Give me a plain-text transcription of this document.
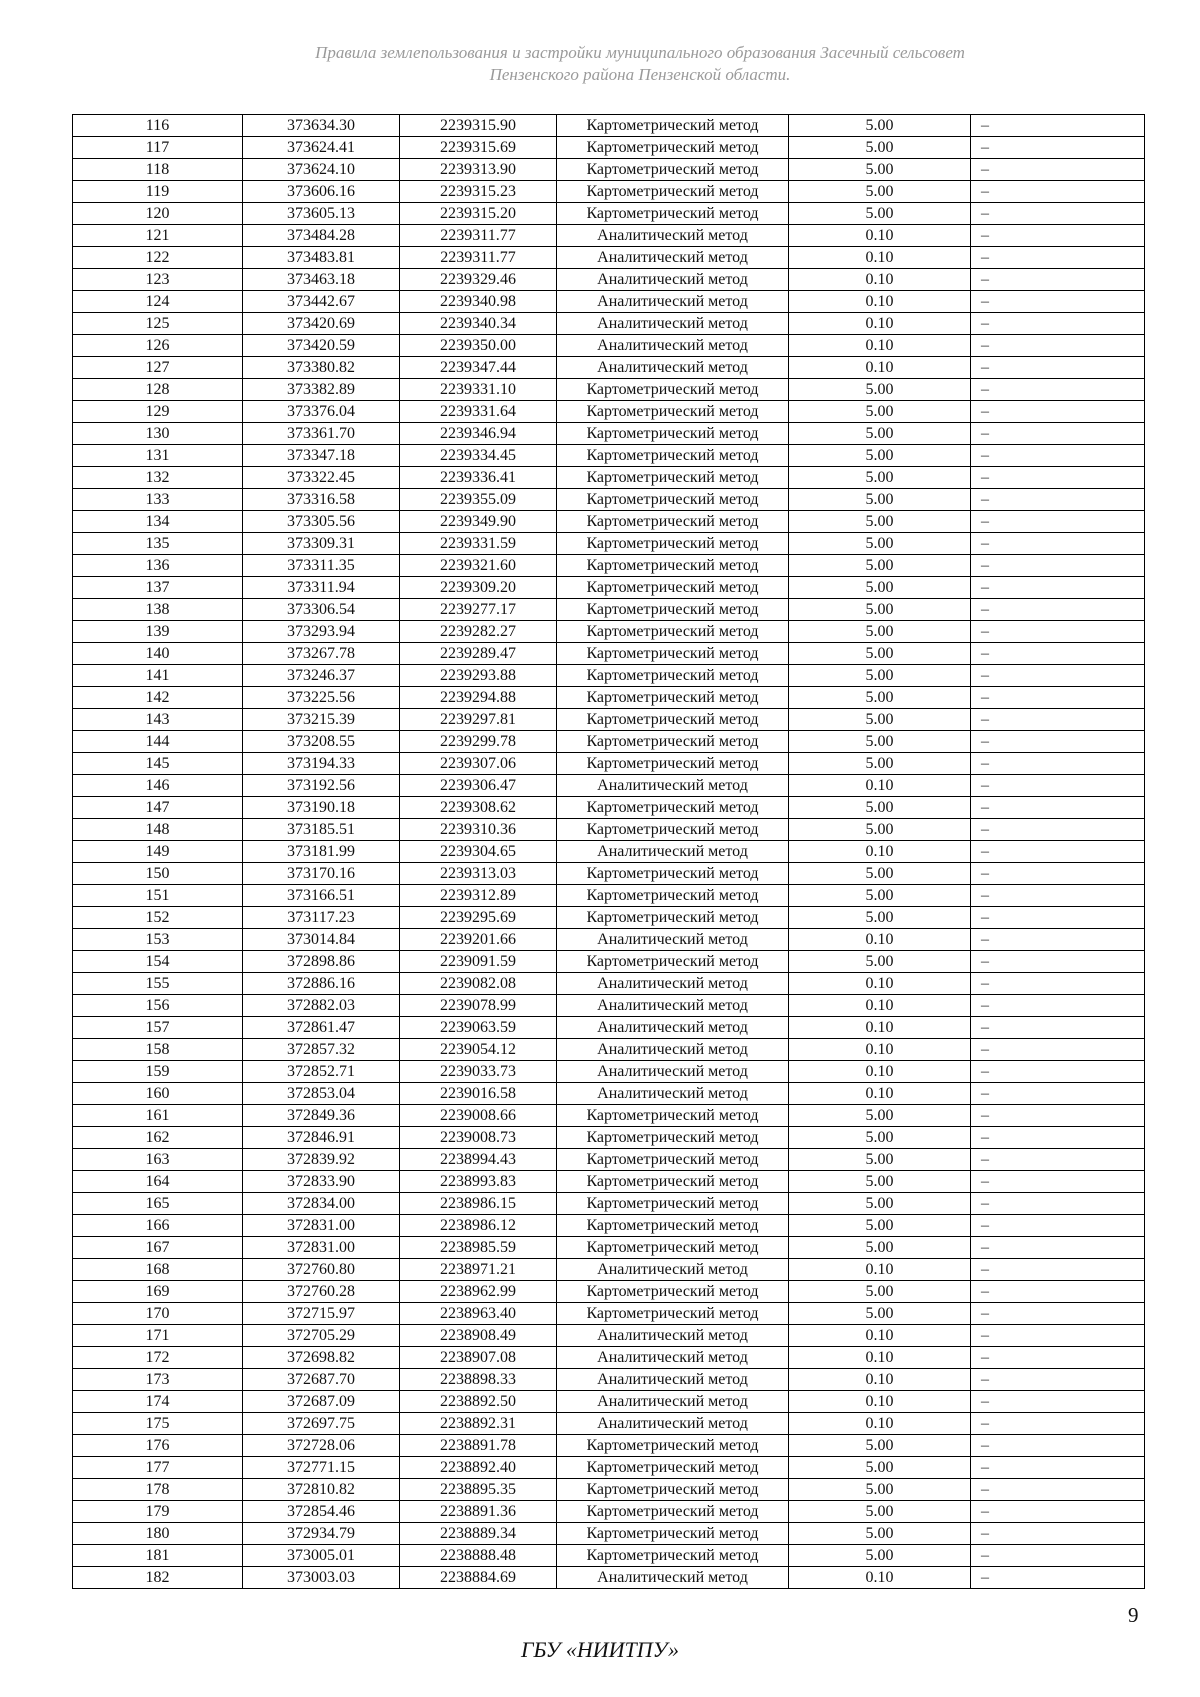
Правила землепользования и застройки муниципального образования Засечный сельсовет
Пензенского района Пензенской области.
116	373634.30	2239315.90	Картометрический метод	5.00	–
117	373624.41	2239315.69	Картометрический метод	5.00	–
118	373624.10	2239313.90	Картометрический метод	5.00	–
119	373606.16	2239315.23	Картометрический метод	5.00	–
120	373605.13	2239315.20	Картометрический метод	5.00	–
121	373484.28	2239311.77	Аналитический метод	0.10	–
122	373483.81	2239311.77	Аналитический метод	0.10	–
123	373463.18	2239329.46	Аналитический метод	0.10	–
124	373442.67	2239340.98	Аналитический метод	0.10	–
125	373420.69	2239340.34	Аналитический метод	0.10	–
126	373420.59	2239350.00	Аналитический метод	0.10	–
127	373380.82	2239347.44	Аналитический метод	0.10	–
128	373382.89	2239331.10	Картометрический метод	5.00	–
129	373376.04	2239331.64	Картометрический метод	5.00	–
130	373361.70	2239346.94	Картометрический метод	5.00	–
131	373347.18	2239334.45	Картометрический метод	5.00	–
132	373322.45	2239336.41	Картометрический метод	5.00	–
133	373316.58	2239355.09	Картометрический метод	5.00	–
134	373305.56	2239349.90	Картометрический метод	5.00	–
135	373309.31	2239331.59	Картометрический метод	5.00	–
136	373311.35	2239321.60	Картометрический метод	5.00	–
137	373311.94	2239309.20	Картометрический метод	5.00	–
138	373306.54	2239277.17	Картометрический метод	5.00	–
139	373293.94	2239282.27	Картометрический метод	5.00	–
140	373267.78	2239289.47	Картометрический метод	5.00	–
141	373246.37	2239293.88	Картометрический метод	5.00	–
142	373225.56	2239294.88	Картометрический метод	5.00	–
143	373215.39	2239297.81	Картометрический метод	5.00	–
144	373208.55	2239299.78	Картометрический метод	5.00	–
145	373194.33	2239307.06	Картометрический метод	5.00	–
146	373192.56	2239306.47	Аналитический метод	0.10	–
147	373190.18	2239308.62	Картометрический метод	5.00	–
148	373185.51	2239310.36	Картометрический метод	5.00	–
149	373181.99	2239304.65	Аналитический метод	0.10	–
150	373170.16	2239313.03	Картометрический метод	5.00	–
151	373166.51	2239312.89	Картометрический метод	5.00	–
152	373117.23	2239295.69	Картометрический метод	5.00	–
153	373014.84	2239201.66	Аналитический метод	0.10	–
154	372898.86	2239091.59	Картометрический метод	5.00	–
155	372886.16	2239082.08	Аналитический метод	0.10	–
156	372882.03	2239078.99	Аналитический метод	0.10	–
157	372861.47	2239063.59	Аналитический метод	0.10	–
158	372857.32	2239054.12	Аналитический метод	0.10	–
159	372852.71	2239033.73	Аналитический метод	0.10	–
160	372853.04	2239016.58	Аналитический метод	0.10	–
161	372849.36	2239008.66	Картометрический метод	5.00	–
162	372846.91	2239008.73	Картометрический метод	5.00	–
163	372839.92	2238994.43	Картометрический метод	5.00	–
164	372833.90	2238993.83	Картометрический метод	5.00	–
165	372834.00	2238986.15	Картометрический метод	5.00	–
166	372831.00	2238986.12	Картометрический метод	5.00	–
167	372831.00	2238985.59	Картометрический метод	5.00	–
168	372760.80	2238971.21	Аналитический метод	0.10	–
169	372760.28	2238962.99	Картометрический метод	5.00	–
170	372715.97	2238963.40	Картометрический метод	5.00	–
171	372705.29	2238908.49	Аналитический метод	0.10	–
172	372698.82	2238907.08	Аналитический метод	0.10	–
173	372687.70	2238898.33	Аналитический метод	0.10	–
174	372687.09	2238892.50	Аналитический метод	0.10	–
175	372697.75	2238892.31	Аналитический метод	0.10	–
176	372728.06	2238891.78	Картометрический метод	5.00	–
177	372771.15	2238892.40	Картометрический метод	5.00	–
178	372810.82	2238895.35	Картометрический метод	5.00	–
179	372854.46	2238891.36	Картометрический метод	5.00	–
180	372934.79	2238889.34	Картометрический метод	5.00	–
181	373005.01	2238888.48	Картометрический метод	5.00	–
182	373003.03	2238884.69	Аналитический метод	0.10	–
9
ГБУ «НИИТПУ»
